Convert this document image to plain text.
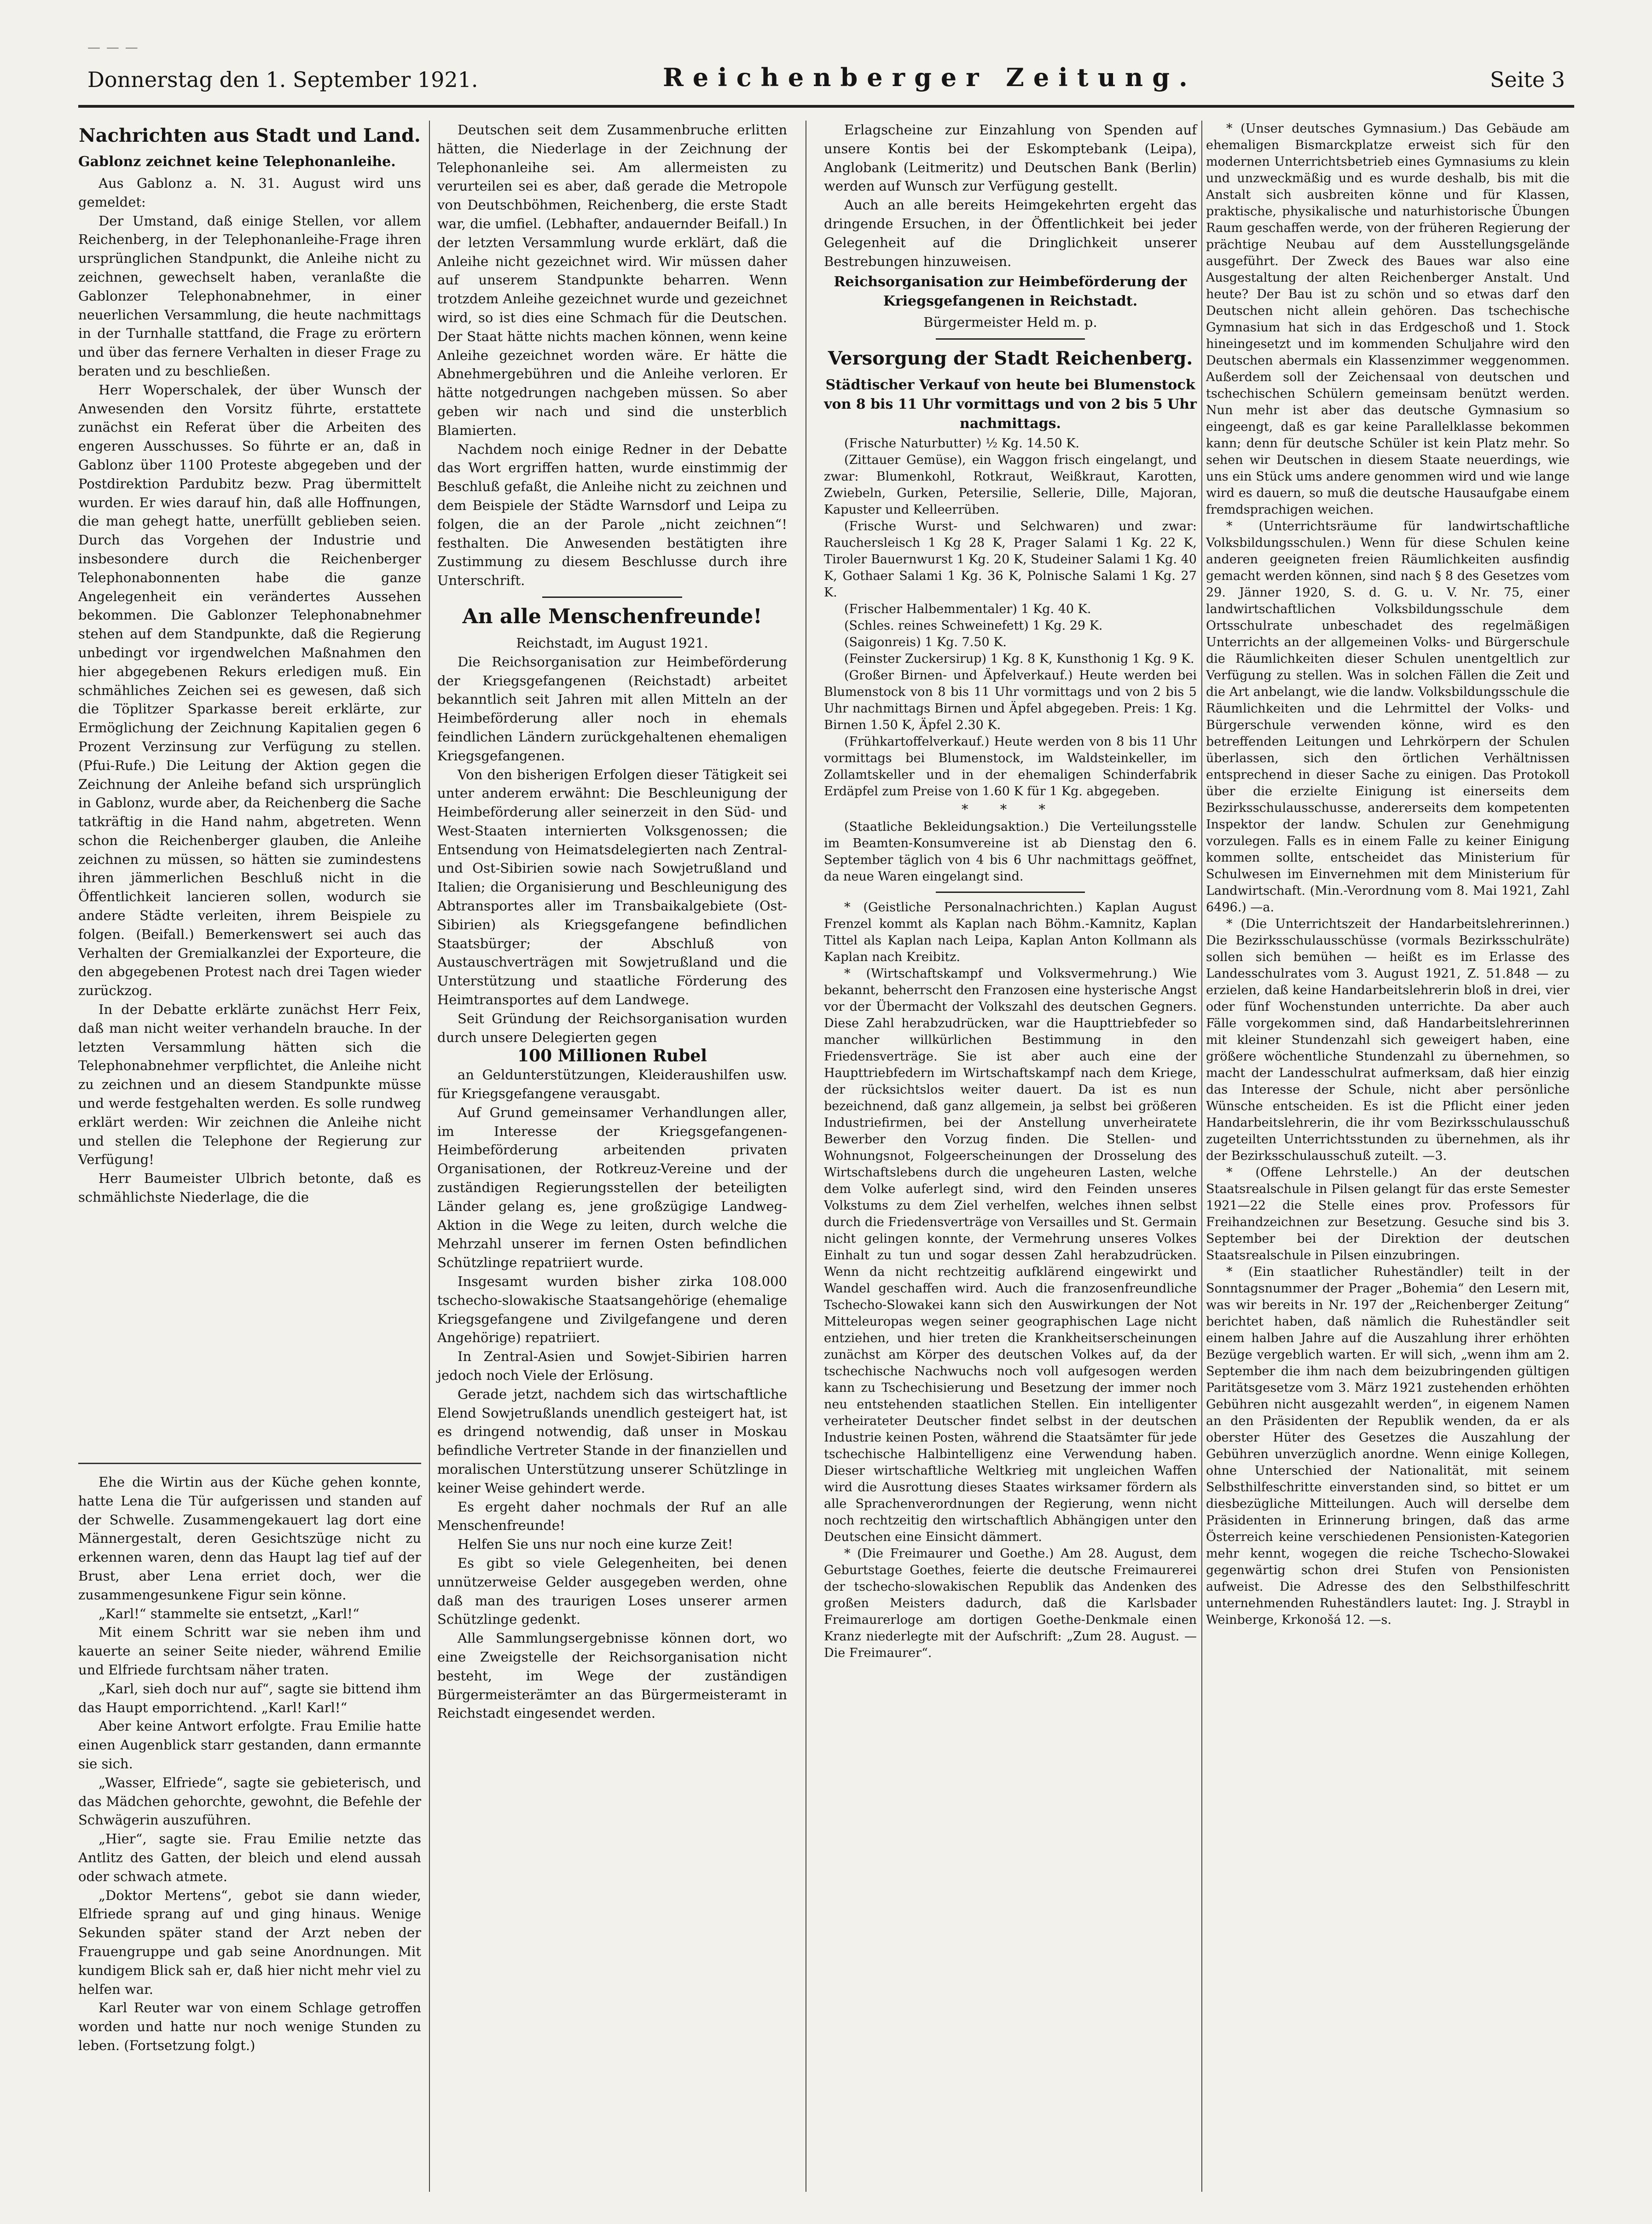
— — —
Donnerstag den 1. September 1921.	Reichenberger Zeitung.	Seite 3
Nachrichten aus Stadt und Land.
Gablonz zeichnet keine Telephonanleihe.

Aus Gablonz a. N. 31. August wird uns gemeldet:

Der Umstand, daß einige Stellen, vor allem Reichenberg, in der Telephonanleihe-Frage ihren ursprünglichen Standpunkt, die Anleihe nicht zu zeichnen, gewechselt haben, veranlaßte die Gablonzer Telephonabnehmer, in einer neuerlichen Versammlung, die heute nachmittags in der Turnhalle stattfand, die Frage zu erörtern und über das fernere Verhalten in dieser Frage zu beraten und zu beschließen.

Herr Woperschalek, der über Wunsch der Anwesenden den Vorsitz führte, erstattete zunächst ein Referat über die Arbeiten des engeren Ausschusses. So führte er an, daß in Gablonz über 1100 Proteste abgegeben und der Postdirektion Pardubitz bezw. Prag übermittelt wurden. Er wies darauf hin, daß alle Hoffnungen, die man gehegt hatte, unerfüllt geblieben seien. Durch das Vorgehen der Industrie und insbesondere durch die Reichenberger Telephonabonnenten habe die ganze Angelegenheit ein verändertes Aussehen bekommen. Die Gablonzer Telephonabnehmer stehen auf dem Standpunkte, daß die Regierung unbedingt vor irgendwelchen Maßnahmen den hier abgegebenen Rekurs erledigen muß. Ein schmähliches Zeichen sei es gewesen, daß sich die Töplitzer Sparkasse bereit erklärte, zur Ermöglichung der Zeichnung Kapitalien gegen 6 Prozent Verzinsung zur Verfügung zu stellen. (Pfui-Rufe.) Die Leitung der Aktion gegen die Zeichnung der Anleihe befand sich ursprünglich in Gablonz, wurde aber, da Reichenberg die Sache tatkräftig in die Hand nahm, abgetreten. Wenn schon die Reichenberger glauben, die Anleihe zeichnen zu müssen, so hätten sie zumindestens ihren jämmerlichen Beschluß nicht in die Öffentlichkeit lancieren sollen, wodurch sie andere Städte verleiten, ihrem Beispiele zu folgen. (Beifall.) Bemerkenswert sei auch das Verhalten der Gremialkanzlei der Exporteure, die den abgegebenen Protest nach drei Tagen wieder zurückzog.

In der Debatte erklärte zunächst Herr Feix, daß man nicht weiter verhandeln brauche. In der letzten Versammlung hätten sich die Telephonabnehmer verpflichtet, die Anleihe nicht zu zeichnen und an diesem Standpunkte müsse und werde festgehalten werden. Es solle rundweg erklärt werden: Wir zeichnen die Anleihe nicht und stellen die Telephone der Regierung zur Verfügung!

Herr Baumeister Ulbrich betonte, daß es schmählichste Niederlage, die die

Ehe die Wirtin aus der Küche gehen konnte, hatte Lena die Tür aufgerissen und standen auf der Schwelle. Zusammengekauert lag dort eine Männergestalt, deren Gesichtszüge nicht zu erkennen waren, denn das Haupt lag tief auf der Brust, aber Lena erriet doch, wer die zusammengesunkene Figur sein könne.

„Karl!“ stammelte sie entsetzt, „Karl!“

Mit einem Schritt war sie neben ihm und kauerte an seiner Seite nieder, während Emilie und Elfriede furchtsam näher traten.

„Karl, sieh doch nur auf“, sagte sie bittend ihm das Haupt emporrichtend. „Karl! Karl!“

Aber keine Antwort erfolgte. Frau Emilie hatte einen Augenblick starr gestanden, dann ermannte sie sich.

„Wasser, Elfriede“, sagte sie gebieterisch, und das Mädchen gehorchte, gewohnt, die Befehle der Schwägerin auszuführen.

„Hier“, sagte sie. Frau Emilie netzte das Antlitz des Gatten, der bleich und elend aussah oder schwach atmete.

„Doktor Mertens“, gebot sie dann wieder, Elfriede sprang auf und ging hinaus. Wenige Sekunden später stand der Arzt neben der Frauengruppe und gab seine Anordnungen. Mit kundigem Blick sah er, daß hier nicht mehr viel zu helfen war.

Karl Reuter war von einem Schlage getroffen worden und hatte nur noch wenige Stunden zu leben. (Fortsetzung folgt.)

Deutschen seit dem Zusammenbruche erlitten hätten, die Niederlage in der Zeichnung der Telephonanleihe sei. Am allermeisten zu verurteilen sei es aber, daß gerade die Metropole von Deutschböhmen, Reichenberg, die erste Stadt war, die umfiel. (Lebhafter, andauernder Beifall.) In der letzten Versammlung wurde erklärt, daß die Anleihe nicht gezeichnet wird. Wir müssen daher auf unserem Standpunkte beharren. Wenn trotzdem Anleihe gezeichnet wurde und gezeichnet wird, so ist dies eine Schmach für die Deutschen. Der Staat hätte nichts machen können, wenn keine Anleihe gezeichnet worden wäre. Er hätte die Abnehmergebühren und die Anleihe verloren. Er hätte notgedrungen nachgeben müssen. So aber geben wir nach und sind die unsterblich Blamierten.

Nachdem noch einige Redner in der Debatte das Wort ergriffen hatten, wurde einstimmig der Beschluß gefaßt, die Anleihe nicht zu zeichnen und dem Beispiele der Städte Warnsdorf und Leipa zu folgen, die an der Parole „nicht zeichnen“! festhalten. Die Anwesenden bestätigten ihre Zustimmung zu diesem Beschlusse durch ihre Unterschrift.

An alle Menschenfreunde!

Reichstadt, im August 1921.

Die Reichsorganisation zur Heimbeförderung der Kriegsgefangenen (Reichstadt) arbeitet bekanntlich seit Jahren mit allen Mitteln an der Heimbeförderung aller noch in ehemals feindlichen Ländern zurückgehaltenen ehemaligen Kriegsgefangenen.

Von den bisherigen Erfolgen dieser Tätigkeit sei unter anderem erwähnt: Die Beschleunigung der Heimbeförderung aller seinerzeit in den Süd- und West-Staaten internierten Volksgenossen; die Entsendung von Heimatsdelegierten nach Zentral- und Ost-Sibirien sowie nach Sowjetrußland und Italien; die Organisierung und Beschleunigung des Abtransportes aller im Transbaikalgebiete (Ost-Sibirien) als Kriegsgefangene befindlichen Staatsbürger; der Abschluß von Austauschverträgen mit Sowjetrußland und die Unterstützung und staatliche Förderung des Heimtransportes auf dem Landwege.

Seit Gründung der Reichsorganisation wurden durch unsere Delegierten gegen

100 Millionen Rubel

an Geldunterstützungen, Kleideraushilfen usw. für Kriegsgefangene verausgabt.

Auf Grund gemeinsamer Verhandlungen aller, im Interesse der Kriegsgefangenen-Heimbeförderung arbeitenden privaten Organisationen, der Rotkreuz-Vereine und der zuständigen Regierungsstellen der beteiligten Länder gelang es, jene großzügige Landweg-Aktion in die Wege zu leiten, durch welche die Mehrzahl unserer im fernen Osten befindlichen Schützlinge repatriiert wurde.

Insgesamt wurden bisher zirka 108.000 tschecho-slowakische Staatsangehörige (ehemalige Kriegsgefangene und Zivilgefangene und deren Angehörige) repatriiert.

In Zentral-Asien und Sowjet-Sibirien harren jedoch noch Viele der Erlösung.

Gerade jetzt, nachdem sich das wirtschaftliche Elend Sowjetrußlands unendlich gesteigert hat, ist es dringend notwendig, daß unser in Moskau befindliche Vertreter Stande in der finanziellen und moralischen Unterstützung unserer Schützlinge in keiner Weise gehindert werde.

Es ergeht daher nochmals der Ruf an alle Menschenfreunde!

Helfen Sie uns nur noch eine kurze Zeit!

Es gibt so viele Gelegenheiten, bei denen unnützerweise Gelder ausgegeben werden, ohne daß man des traurigen Loses unserer armen Schützlinge gedenkt.

Alle Sammlungsergebnisse können dort, wo eine Zweigstelle der Reichsorganisation nicht besteht, im Wege der zuständigen Bürgermeisterämter an das Bürgermeisteramt in Reichstadt eingesendet werden.

Erlagscheine zur Einzahlung von Spenden auf unsere Kontis bei der Eskomptebank (Leipa), Anglobank (Leitmeritz) und Deutschen Bank (Berlin) werden auf Wunsch zur Verfügung gestellt.

Auch an alle bereits Heimgekehrten ergeht das dringende Ersuchen, in der Öffentlichkeit bei jeder Gelegenheit auf die Dringlichkeit unserer Bestrebungen hinzuweisen.

Reichsorganisation zur Heimbeförderung der Kriegsgefangenen in Reichstadt.

Bürgermeister Held m. p.

Versorgung der Stadt Reichenberg.
Städtischer Verkauf von heute bei Blumenstock von 8 bis 11 Uhr vormittags und von 2 bis 5 Uhr nachmittags.

(Frische Naturbutter) ½ Kg. 14.50 K.

(Zittauer Gemüse), ein Waggon frisch eingelangt, und zwar: Blumenkohl, Rotkraut, Weißkraut, Karotten, Zwiebeln, Gurken, Petersilie, Sellerie, Dille, Majoran, Kapuster und Kelleerrüben.

(Frische Wurst- und Selchwaren) und zwar: Rauchersleisch 1 Kg 28 K, Prager Salami 1 Kg. 22 K, Tiroler Bauernwurst 1 Kg. 20 K, Studeiner Salami 1 Kg. 40 K, Gothaer Salami 1 Kg. 36 K, Polnische Salami 1 Kg. 27 K.

(Frischer Halbemmentaler) 1 Kg. 40 K.

(Schles. reines Schweinefett) 1 Kg. 29 K.

(Saigonreis) 1 Kg. 7.50 K.

(Feinster Zuckersirup) 1 Kg. 8 K, Kunsthonig 1 Kg. 9 K.

(Großer Birnen- und Äpfelverkauf.) Heute werden bei Blumenstock von 8 bis 11 Uhr vormittags und von 2 bis 5 Uhr nachmittags Birnen und Äpfel abgegeben. Preis: 1 Kg. Birnen 1.50 K, Äpfel 2.30 K.

(Frühkartoffelverkauf.) Heute werden von 8 bis 11 Uhr vormittags bei Blumenstock, im Waldsteinkeller, im Zollamtskeller und in der ehemaligen Schinderfabrik Erdäpfel zum Preise von 1.60 K für 1 Kg. abgegeben.

* * *

(Staatliche Bekleidungsaktion.) Die Verteilungsstelle im Beamten-Konsumvereine ist ab Dienstag den 6. September täglich von 4 bis 6 Uhr nachmittags geöffnet, da neue Waren eingelangt sind.

* (Geistliche Personalnachrichten.) Kaplan August Frenzel kommt als Kaplan nach Böhm.-Kamnitz, Kaplan Tittel als Kaplan nach Leipa, Kaplan Anton Kollmann als Kaplan nach Kreibitz.

* (Wirtschaftskampf und Volksvermehrung.) Wie bekannt, beherrscht den Franzosen eine hysterische Angst vor der Übermacht der Volkszahl des deutschen Gegners. Diese Zahl herabzudrücken, war die Haupttriebfeder so mancher willkürlichen Bestimmung in den Friedensverträge. Sie ist aber auch eine der Haupttriebfedern im Wirtschaftskampf nach dem Kriege, der rücksichtslos weiter dauert. Da ist es nun bezeichnend, daß ganz allgemein, ja selbst bei größeren Industriefirmen, bei der Anstellung unverheiratete Bewerber den Vorzug finden. Die Stellen- und Wohnungsnot, Folgeerscheinungen der Drosselung des Wirtschaftslebens durch die ungeheuren Lasten, welche dem Volke auferlegt sind, wird den Feinden unseres Volkstums zu dem Ziel verhelfen, welches ihnen selbst durch die Friedensverträge von Versailles und St. Germain nicht gelingen konnte, der Vermehrung unseres Volkes Einhalt zu tun und sogar dessen Zahl herabzudrücken. Wenn da nicht rechtzeitig aufklärend eingewirkt und Wandel geschaffen wird. Auch die franzosenfreundliche Tschecho-Slowakei kann sich den Auswirkungen der Not Mitteleuropas wegen seiner geographischen Lage nicht entziehen, und hier treten die Krankheitserscheinungen zunächst am Körper des deutschen Volkes auf, da der tschechische Nachwuchs noch voll aufgesogen werden kann zu Tschechisierung und Besetzung der immer noch neu entstehenden staatlichen Stellen. Ein intelligenter verheirateter Deutscher findet selbst in der deutschen Industrie keinen Posten, während die Staatsämter für jede tschechische Halbintelligenz eine Verwendung haben. Dieser wirtschaftliche Weltkrieg mit ungleichen Waffen wird die Ausrottung dieses Staates wirksamer fördern als alle Sprachenverordnungen der Regierung, wenn nicht noch rechtzeitig den wirtschaftlich Abhängigen unter den Deutschen eine Einsicht dämmert.

* (Die Freimaurer und Goethe.) Am 28. August, dem Geburtstage Goethes, feierte die deutsche Freimaurerei der tschecho-slowakischen Republik das Andenken des großen Meisters dadurch, daß die Karlsbader Freimaurerloge am dortigen Goethe-Denkmale einen Kranz niederlegte mit der Aufschrift: „Zum 28. August. — Die Freimaurer“.

* (Unser deutsches Gymnasium.) Das Gebäude am ehemaligen Bismarckplatze erweist sich für den modernen Unterrichtsbetrieb eines Gymnasiums zu klein und unzweckmäßig und es wurde deshalb, bis mit die Anstalt sich ausbreiten könne und für Klassen, praktische, physikalische und naturhistorische Übungen Raum geschaffen werde, von der früheren Regierung der prächtige Neubau auf dem Ausstellungsgelände ausgeführt. Der Zweck des Baues war also eine Ausgestaltung der alten Reichenberger Anstalt. Und heute? Der Bau ist zu schön und so etwas darf den Deutschen nicht allein gehören. Das tschechische Gymnasium hat sich in das Erdgeschoß und 1. Stock hineingesetzt und im kommenden Schuljahre wird den Deutschen abermals ein Klassenzimmer weggenommen. Außerdem soll der Zeichensaal von deutschen und tschechischen Schülern gemeinsam benützt werden. Nun mehr ist aber das deutsche Gymnasium so eingeengt, daß es gar keine Parallelklasse bekommen kann; denn für deutsche Schüler ist kein Platz mehr. So sehen wir Deutschen in diesem Staate neuerdings, wie uns ein Stück ums andere genommen wird und wie lange wird es dauern, so muß die deutsche Hausaufgabe einem fremdsprachigen weichen.

* (Unterrichtsräume für landwirtschaftliche Volksbildungsschulen.) Wenn für diese Schulen keine anderen geeigneten freien Räumlichkeiten ausfindig gemacht werden können, sind nach § 8 des Gesetzes vom 29. Jänner 1920, S. d. G. u. V. Nr. 75, einer landwirtschaftlichen Volksbildungsschule dem Ortsschulrate unbeschadet des regelmäßigen Unterrichts an der allgemeinen Volks- und Bürgerschule die Räumlichkeiten dieser Schulen unentgeltlich zur Verfügung zu stellen. Was in solchen Fällen die Zeit und die Art anbelangt, wie die landw. Volksbildungsschule die Räumlichkeiten und die Lehrmittel der Volks- und Bürgerschule verwenden könne, wird es den betreffenden Leitungen und Lehrkörpern der Schulen überlassen, sich den örtlichen Verhältnissen entsprechend in dieser Sache zu einigen. Das Protokoll über die erzielte Einigung ist einerseits dem Bezirksschulausschusse, andererseits dem kompetenten Inspektor der landw. Schulen zur Genehmigung vorzulegen. Falls es in einem Falle zu keiner Einigung kommen sollte, entscheidet das Ministerium für Schulwesen im Einvernehmen mit dem Ministerium für Landwirtschaft. (Min.-Verordnung vom 8. Mai 1921, Zahl 6496.) —a.

* (Die Unterrichtszeit der Handarbeitslehrerinnen.) Die Bezirksschulausschüsse (vormals Bezirksschulräte) sollen sich bemühen — heißt es im Erlasse des Landesschulrates vom 3. August 1921, Z. 51.848 — zu erzielen, daß keine Handarbeitslehrerin bloß in drei, vier oder fünf Wochenstunden unterrichte. Da aber auch Fälle vorgekommen sind, daß Handarbeitslehrerinnen mit kleiner Stundenzahl sich geweigert haben, eine größere wöchentliche Stundenzahl zu übernehmen, so macht der Landesschulrat aufmerksam, daß hier einzig das Interesse der Schule, nicht aber persönliche Wünsche entscheiden. Es ist die Pflicht einer jeden Handarbeitslehrerin, die ihr vom Bezirksschulausschuß zugeteilten Unterrichtsstunden zu übernehmen, als ihr der Bezirksschulausschuß zuteilt. —3.

* (Offene Lehrstelle.) An der deutschen Staatsrealschule in Pilsen gelangt für das erste Semester 1921—22 die Stelle eines prov. Professors für Freihandzeichnen zur Besetzung. Gesuche sind bis 3. September bei der Direktion der deutschen Staatsrealschule in Pilsen einzubringen.

* (Ein staatlicher Ruheständler) teilt in der Sonntagsnummer der Prager „Bohemia“ den Lesern mit, was wir bereits in Nr. 197 der „Reichenberger Zeitung“ berichtet haben, daß nämlich die Ruheständler seit einem halben Jahre auf die Auszahlung ihrer erhöhten Bezüge vergeblich warten. Er will sich, „wenn ihm am 2. September die ihm nach dem beizubringenden gültigen Paritätsgesetze vom 3. März 1921 zustehenden erhöhten Gebühren nicht ausgezahlt werden“, in eigenem Namen an den Präsidenten der Republik wenden, da er als oberster Hüter des Gesetzes die Auszahlung der Gebühren unverzüglich anordne. Wenn einige Kollegen, ohne Unterschied der Nationalität, mit seinem Selbsthilfeschritte einverstanden sind, so bittet er um diesbezügliche Mitteilungen. Auch will derselbe dem Präsidenten in Erinnerung bringen, daß das arme Österreich keine verschiedenen Pensionisten-Kategorien mehr kennt, wogegen die reiche Tschecho-Slowakei gegenwärtig schon drei Stufen von Pensionisten aufweist. Die Adresse des den Selbsthilfeschritt unternehmenden Ruheständlers lautet: Ing. J. Straybl in Weinberge, Krkonošá 12. —s.
